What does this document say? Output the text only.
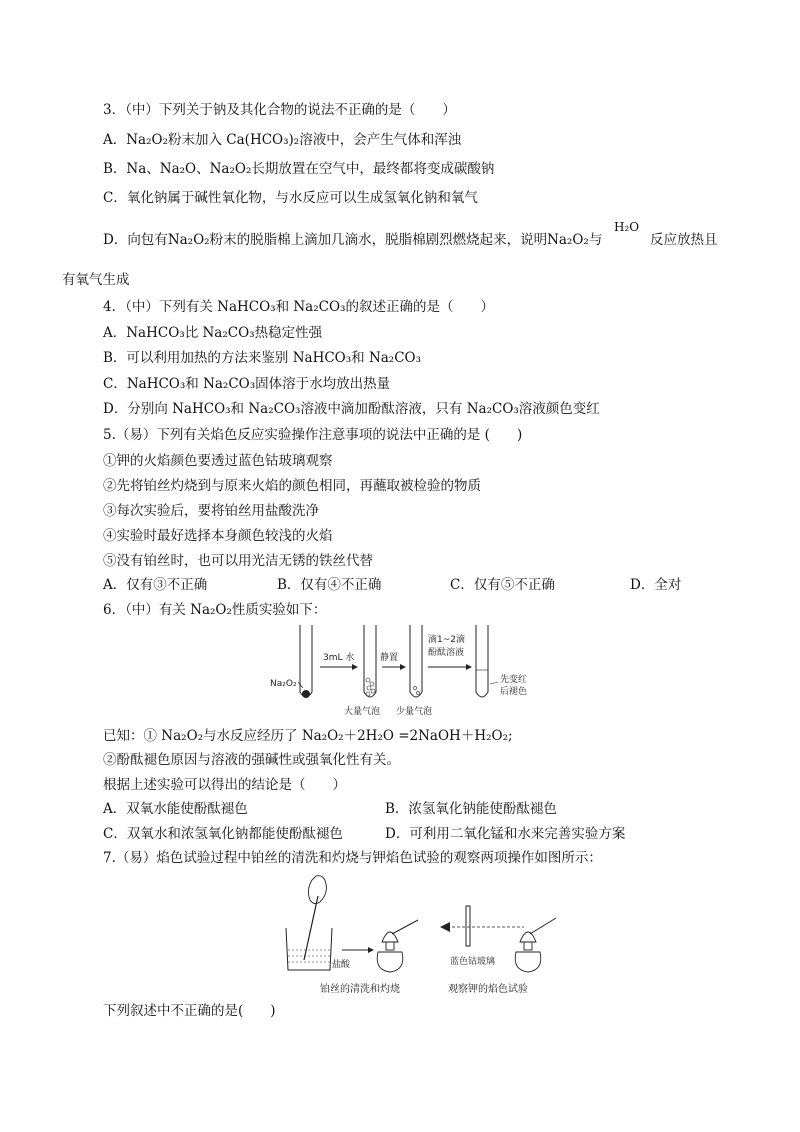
3．（中）下列关于钠及其化合物的说法不正确的是（　　）
A．Na₂O₂粉末加入 Ca(HCO₃)₂溶液中，会产生气体和浑浊
B．Na、Na₂O、Na₂O₂长期放置在空气中，最终都将变成碳酸钠
C．氧化钠属于碱性氧化物，与水反应可以生成氢氧化钠和氧气
D．向包有Na₂O₂粉末的脱脂棉上滴加几滴水，脱脂棉剧烈燃烧起来，说明Na₂O₂与
H₂O
反应放热且
有氧气生成
4．（中）下列有关 NaHCO₃和 Na₂CO₃的叙述正确的是（　　）
A．NaHCO₃比 Na₂CO₃热稳定性强
B．可以利用加热的方法来鉴别 NaHCO₃和 Na₂CO₃
C．NaHCO₃和 Na₂CO₃固体溶于水均放出热量
D．分别向 NaHCO₃和 Na₂CO₃溶液中滴加酚酞溶液，只有 Na₂CO₃溶液颜色变红
5.（易）下列有关焰色反应实验操作注意事项的说法中正确的是 (　　)
①钾的火焰颜色要透过蓝色钴玻璃观察
②先将铂丝灼烧到与原来火焰的颜色相同，再蘸取被检验的物质
③每次实验后，要将铂丝用盐酸洗净
④实验时最好选择本身颜色较浅的火焰
⑤没有铂丝时，也可以用光洁无锈的铁丝代替
A．仅有③不正确	B．仅有④不正确	C．仅有⑤不正确	D．全对
6．（中）有关 Na₂O₂性质实验如下：
Na₂O₂
3mL 水
大量气泡
静置
少量气泡
滴1~2滴
酚酞溶液
先变红
后褪色
已知：① Na₂O₂与水反应经历了 Na₂O₂＋2H₂O =2NaOH＋H₂O₂;
②酚酞褪色原因与溶液的强碱性或强氧化性有关。
根据上述实验可以得出的结论是（　　）
A．双氧水能使酚酞褪色	B．浓氢氧化钠能使酚酞褪色
C．双氧水和浓氢氧化钠都能使酚酞褪色	D．可利用二氧化锰和水来完善实验方案
7.（易）焰色试验过程中铂丝的清洗和灼烧与钾焰色试验的观察两项操作如图所示：
盐酸
铂丝的清洗和灼烧
蓝色钴玻璃
观察钾的焰色试验
下列叙述中不正确的是(　　)
